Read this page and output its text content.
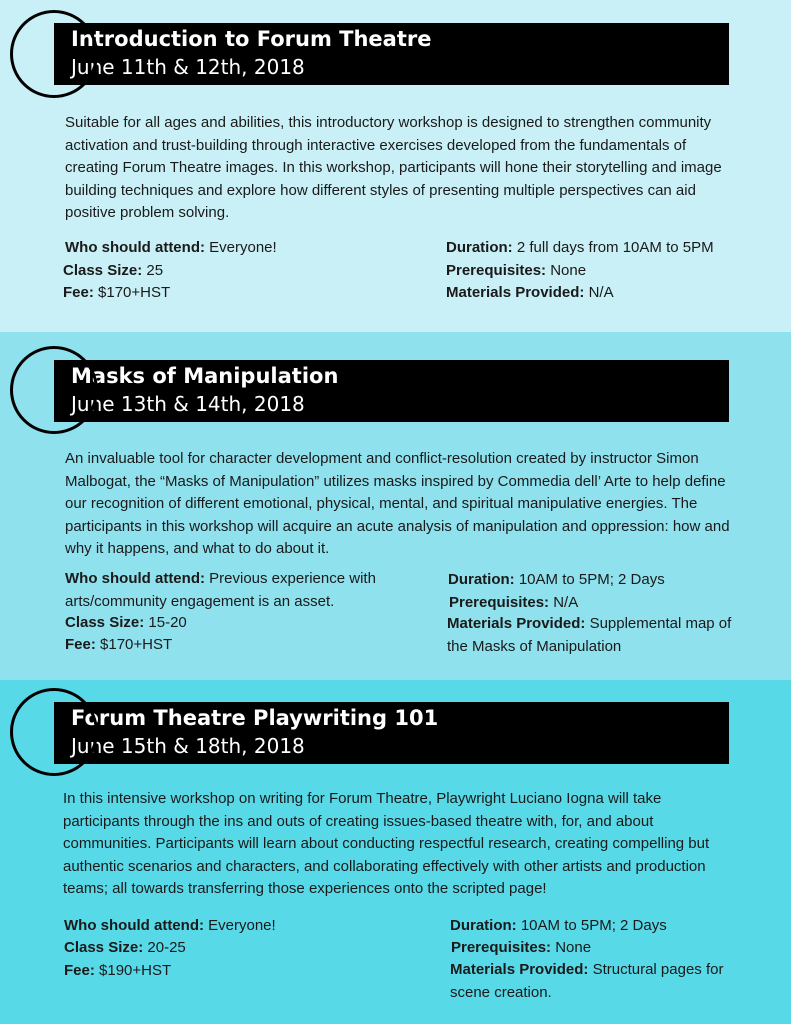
Introduction to Forum Theatre
June 11th & 12th, 2018

Suitable for all ages and abilities, this introductory workshop is designed to strengthen community activation and trust-building through interactive exercises developed from the fundamentals of creating Forum Theatre images. In this workshop, participants will hone their storytelling and image building techniques and explore how different styles of presenting multiple perspectives can aid positive problem solving.

Who should attend: Everyone!
Class Size: 25
Fee: $170+HST
Duration: 2 full days from 10AM to 5PM
Prerequisites: None
Materials Provided: N/A
Masks of Manipulation
June 13th & 14th, 2018

An invaluable tool for character development and conflict-resolution created by instructor Simon Malbogat, the “Masks of Manipulation” utilizes masks inspired by Commedia dell’ Arte to help define our recognition of different emotional, physical, mental, and spiritual manipulative energies. The participants in this workshop will acquire an acute analysis of manipulation and oppression: how and why it happens, and what to do about it.

Who should attend: Previous experience with arts/community engagement is an asset.
Class Size: 15-20
Fee: $170+HST
Duration: 10AM to 5PM; 2 Days
Prerequisites: N/A
Materials Provided: Supplemental map of the Masks of Manipulation
Forum Theatre Playwriting 101
June 15th & 18th, 2018

In this intensive workshop on writing for Forum Theatre, Playwright Luciano Iogna will take participants through the ins and outs of creating issues-based theatre with, for, and about communities. Participants will learn about conducting respectful research, creating compelling but authentic scenarios and characters, and collaborating effectively with other artists and production teams; all towards transferring those experiences onto the scripted page!

Who should attend: Everyone!
Class Size: 20-25
Fee: $190+HST
Duration: 10AM to 5PM; 2 Days
Prerequisites: None
Materials Provided: Structural pages for scene creation.
